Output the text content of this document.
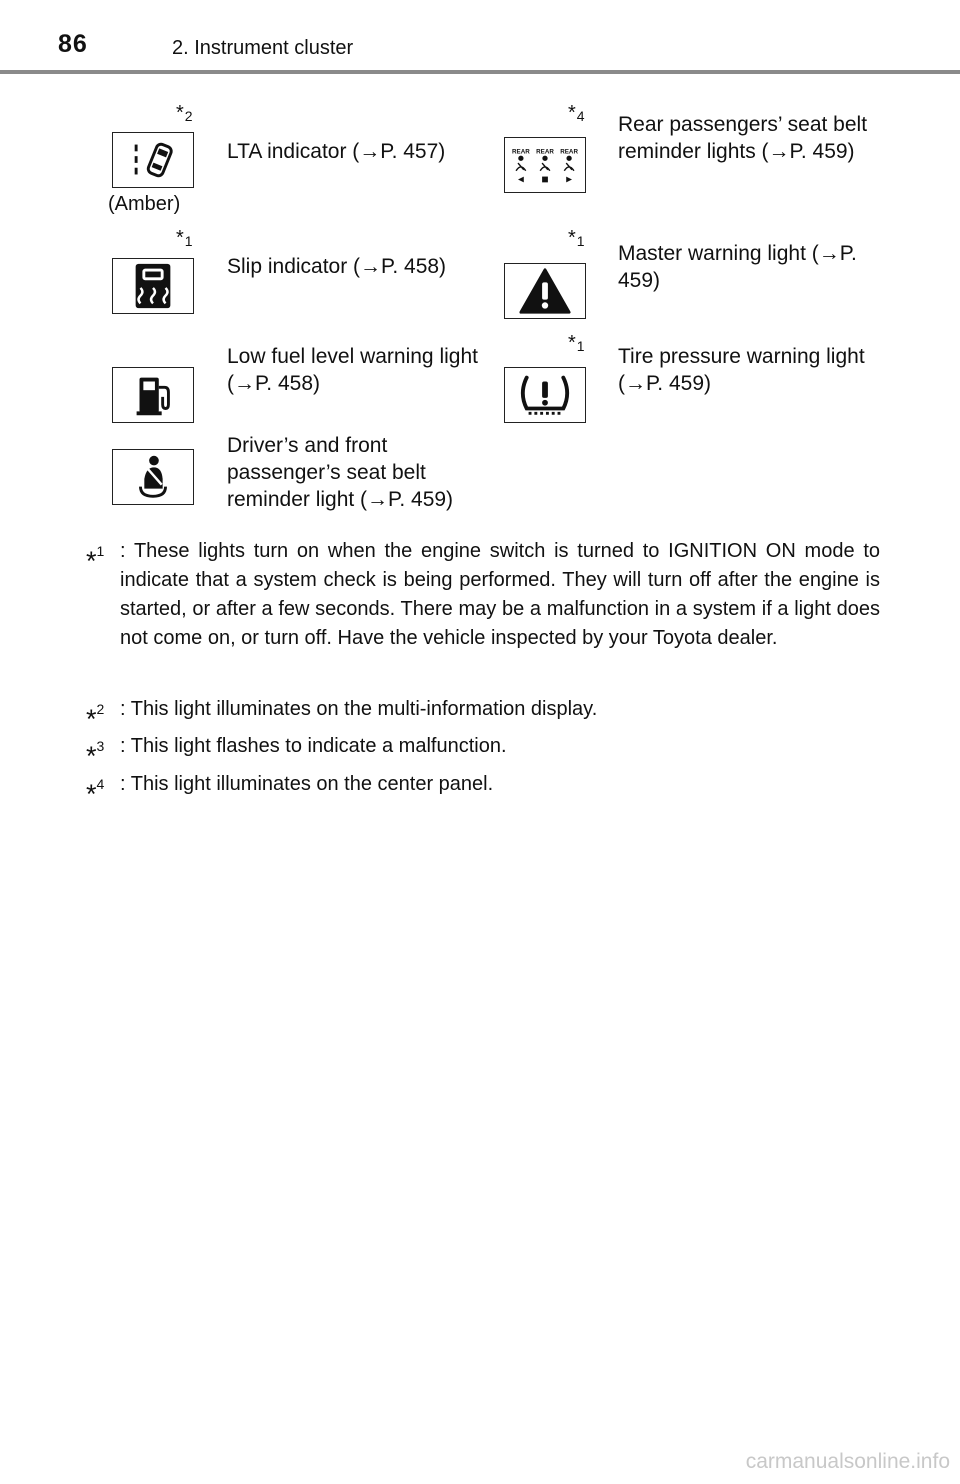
86	2. Instrument cluster
*$^2$
(Amber)
LTA indicator (→P. 457)
*$^4$
REAR REAR REAR
Rear passengers’ seat belt reminder lights (→P. 459)
*$^1$
Slip indicator (→P. 458)
*$^1$
Master warning light (→P. 459)
Low fuel level warning light (→P. 458)
*$^1$ Tire pressure warning light (→P. 459)
Driver’s and front passenger’s seat belt reminder light (→P. 459)
*$^1$ : These lights turn on when the engine switch is turned to IGNITION ON mode to indicate that a system check is being performed. They will turn off after the engine is started, or after a few seconds. There may be a malfunction in a system if a light does not come on, or turn off. Have the vehicle inspected by your Toyota dealer.
*$^2$ : This light illuminates on the multi-information display.
*$^3$ : This light flashes to indicate a malfunction.
*$^4$ : This light illuminates on the center panel.
carmanualsonline.info
